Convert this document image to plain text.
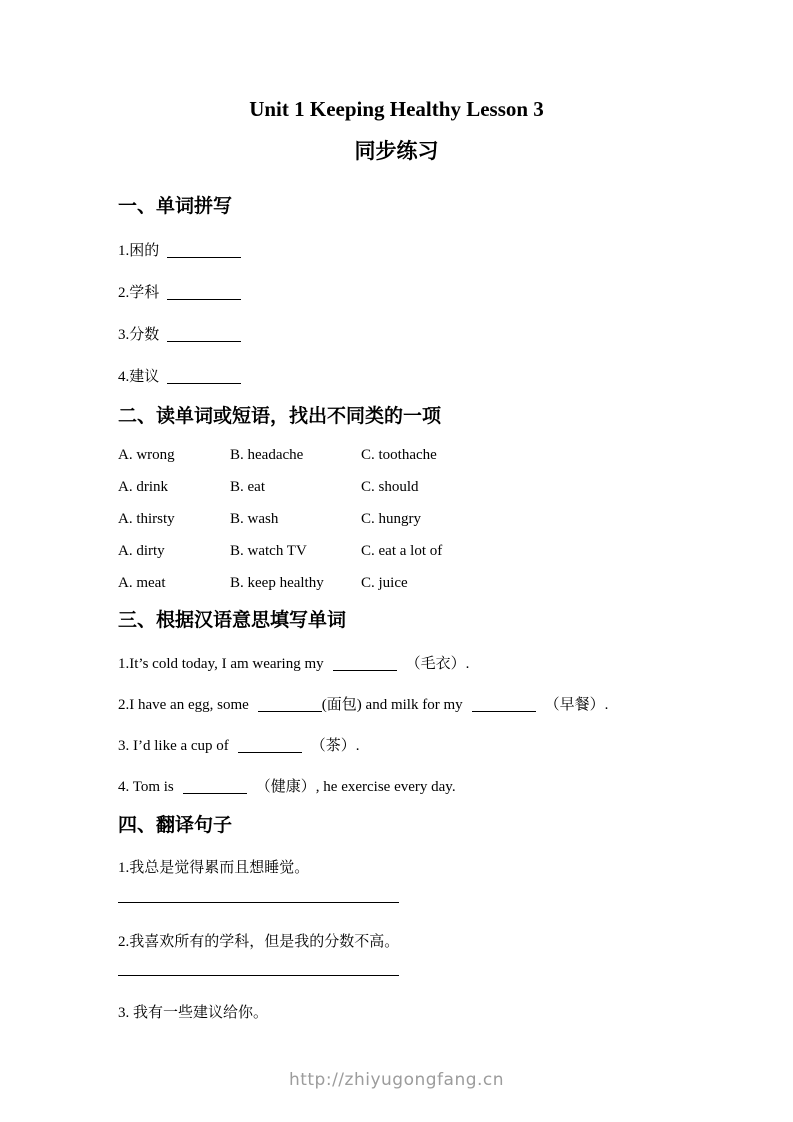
Unit 1 Keeping Healthy Lesson 3
同步练习
一、单词拼写
1.困的
2.学科
3.分数
4.建议
二、读单词或短语，找出不同类的一项
A. wrong	B. headache	C. toothache
A. drink	B. eat	C. should
A. thirsty	B. wash	C. hungry
A. dirty	B. watch TV	C. eat a lot of
A. meat	B. keep healthy	C. juice
三、根据汉语意思填写单词
1.It’s cold today, I am wearing my	（毛衣）.
2.I have an egg, some	(面包) and milk for my	（早餐）.
3. I’d like a cup of	（茶）.
4. Tom is	（健康）, he exercise every day.
四、翻译句子
1.我总是觉得累而且想睡觉。
2.我喜欢所有的学科，但是我的分数不高。
3. 我有一些建议给你。
http://zhiyugongfang.cn
